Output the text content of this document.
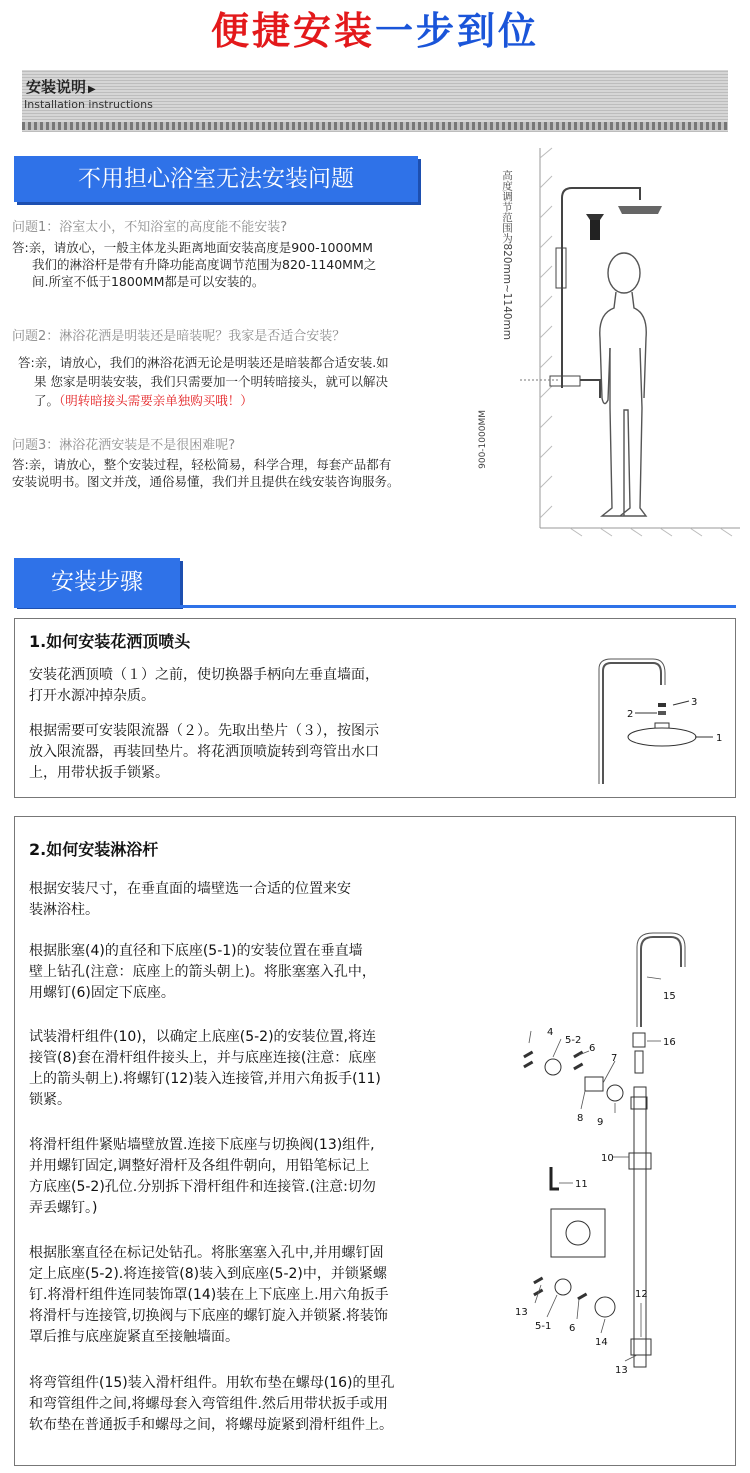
便捷安装一步到位
安装说明 ▶
Installation instructions
不用担心浴室无法安装问题
问题1：浴室太小，不知浴室的高度能不能安装?
答:亲，请放心，一般主体龙头距离地面安装高度是900-1000MM
我们的淋浴杆是带有升降功能高度调节范围为820-1140MM之
间.所室不低于1800MM都是可以安装的。
问题2：淋浴花洒是明装还是暗装呢？我家是否适合安装？
答:亲，请放心，我们的淋浴花洒无论是明装还是暗装都合适安装.如
果 您家是明装安装，我们只需要加一个明转暗接头，就可以解决
了。（明转暗接头需要亲单独购买哦！）
问题3：淋浴花洒安装是不是很困难呢?
答:亲，请放心，整个安装过程，轻松简易，科学合理，每套产品都有
安装说明书。图文并茂，通俗易懂，我们并且提供在线安装咨询服务。
高度调节范围为820mm~1140mm
900-1000MM
安装步骤
1.如何安装花洒顶喷头
安装花洒顶喷（１）之前，使切换器手柄向左垂直墙面，
打开水源冲掉杂质。
根据需要可安装限流器（２）。先取出垫片（３），按图示
放入限流器，再装回垫片。将花洒顶喷旋转到弯管出水口
上，用带状扳手锁紧。
3
2
1
2.如何安装淋浴杆
根据安装尺寸，在垂直面的墙壁选一合适的位置来安
装淋浴柱。
根据胀塞(4)的直径和下底座(5-1)的安装位置在垂直墙
壁上钻孔(注意：底座上的箭头朝上)。将胀塞塞入孔中，
用螺钉(6)固定下底座。
试装滑杆组件(10)，以确定上底座(5-2)的安装位置,将连
接管(8)套在滑杆组件接头上，并与底座连接(注意：底座
上的箭头朝上).将螺钉(12)装入连接管,并用六角扳手(11)
锁紧。
将滑杆组件紧贴墙壁放置.连接下底座与切换阀(13)组件,
并用螺钉固定,调整好滑杆及各组件朝向，用铅笔标记上
方底座(5-2)孔位.分别拆下滑杆组件和连接管.(注意:切勿
弄丢螺钉。)
根据胀塞直径在标记处钻孔。将胀塞塞入孔中,并用螺钉固
定上底座(5-2).将连接管(8)装入到底座(5-2)中，并锁紧螺
钉.将滑杆组件连同装饰罩(14)装在上下底座上.用六角扳手
将滑杆与连接管,切换阀与下底座的螺钉旋入并锁紧.将装饰
罩后推与底座旋紧直至接触墙面。
将弯管组件(15)装入滑杆组件。用软布垫在螺母(16)的里孔
和弯管组件之间,将螺母套入弯管组件.然后用带状扳手或用
软布垫在普通扳手和螺母之间，将螺母旋紧到滑杆组件上。
15
16
4
5-2
6
7
8 9
10
11
12
13
5-1 6
14
13
